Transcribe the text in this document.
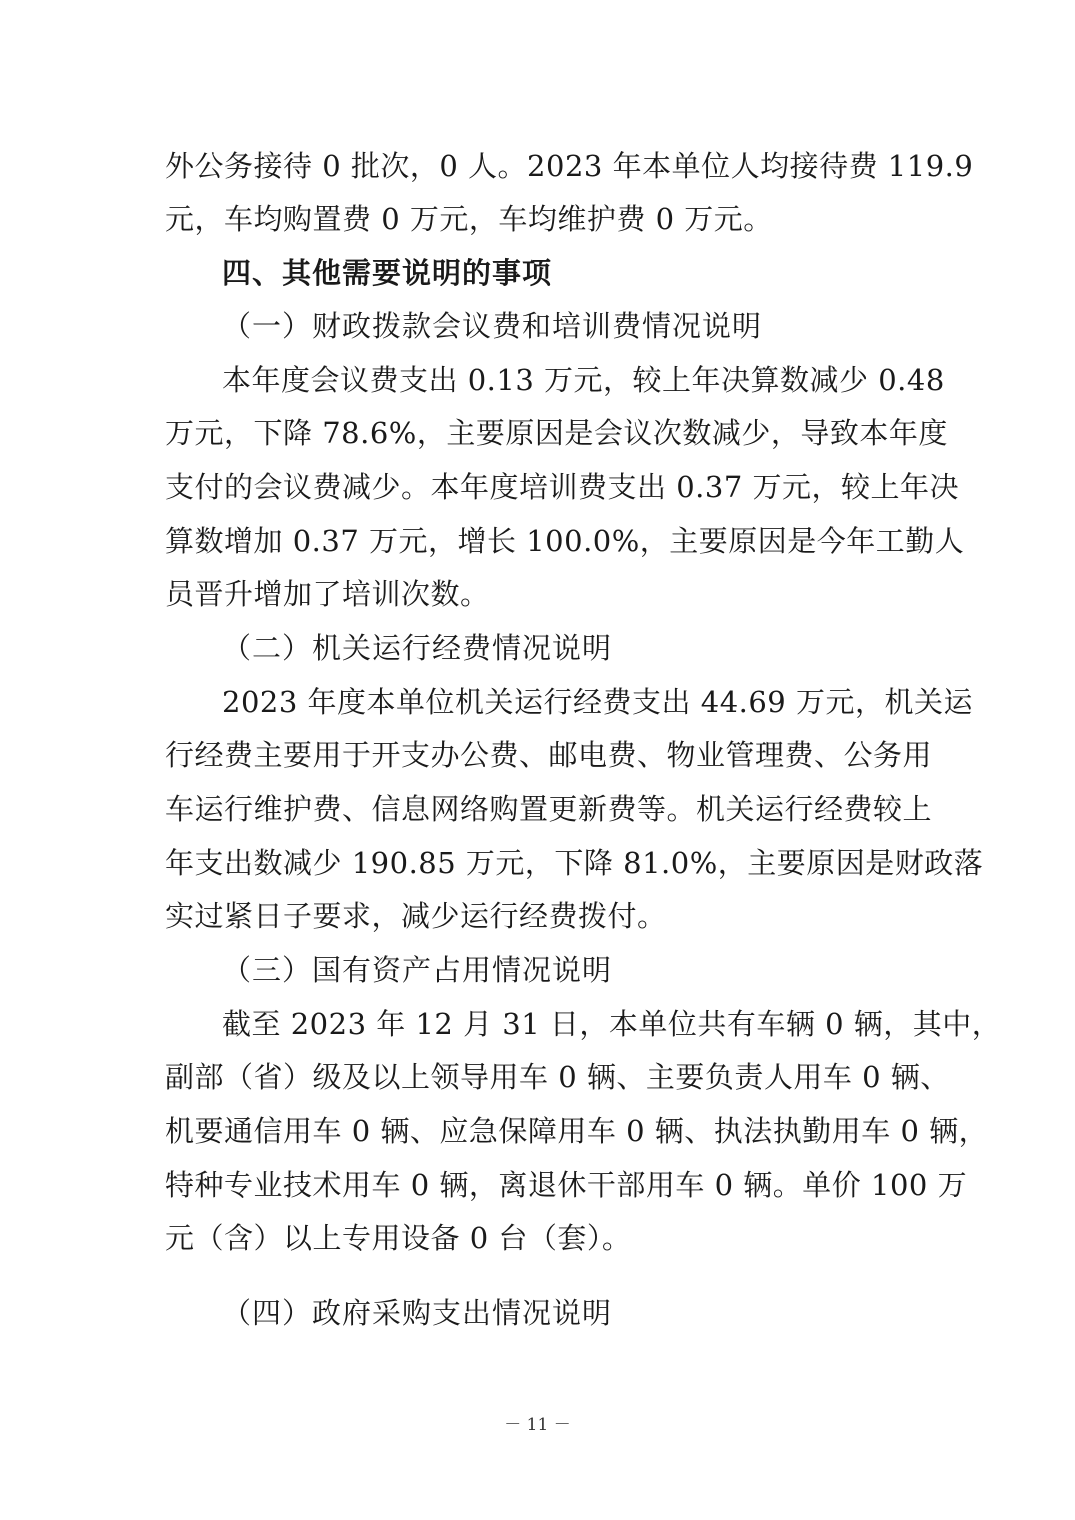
外公务接待 0 批次，0 人。2023 年本单位人均接待费 119.9
元，车均购置费 0 万元，车均维护费 0 万元。
四、其他需要说明的事项
（一）财政拨款会议费和培训费情况说明
本年度会议费支出 0.13 万元，较上年决算数减少 0.48
万元，下降 78.6%，主要原因是会议次数减少，导致本年度
支付的会议费减少。本年度培训费支出 0.37 万元，较上年决
算数增加 0.37 万元，增长 100.0%，主要原因是今年工勤人
员晋升增加了培训次数。
（二）机关运行经费情况说明
2023 年度本单位机关运行经费支出 44.69 万元，机关运
行经费主要用于开支办公费、邮电费、物业管理费、公务用
车运行维护费、信息网络购置更新费等。机关运行经费较上
年支出数减少 190.85 万元，下降 81.0%，主要原因是财政落
实过紧日子要求，减少运行经费拨付。
（三）国有资产占用情况说明
截至 2023 年 12 月 31 日，本单位共有车辆 0 辆，其中，
副部（省）级及以上领导用车 0 辆、主要负责人用车 0 辆、
机要通信用车 0 辆、应急保障用车 0 辆、执法执勤用车 0 辆，
特种专业技术用车 0 辆，离退休干部用车 0 辆。单价 100 万
元（含）以上专用设备 0 台（套）。
（四）政府采购支出情况说明
－ 11 －
